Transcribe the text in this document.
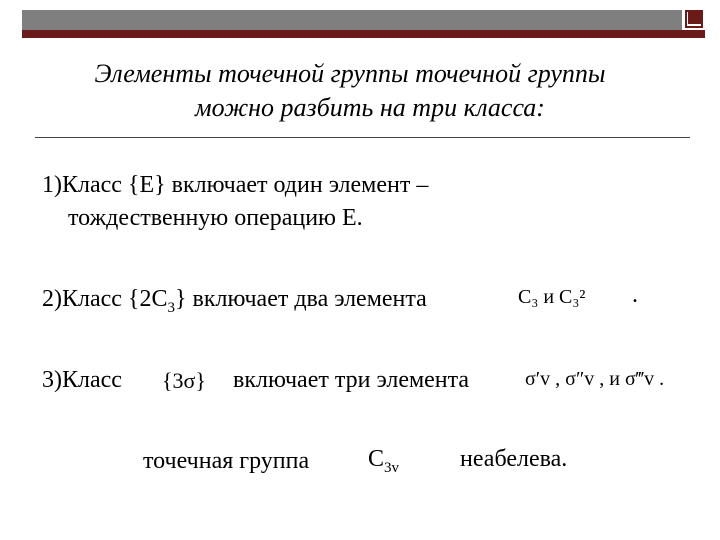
Элементы точечной группы точечной группы
можно разбить на три класса:
1)Класс {E} включает один элемент –
тождественную операцию E.
2)Класс $\{2C_3\}$ включает два элемента	C₃ и C₃² .
3)Класс {3σ} включает три элемента	σ′v , σ″v , и σ‴v .
точечная группа $C_{3v}$	неабелева.
